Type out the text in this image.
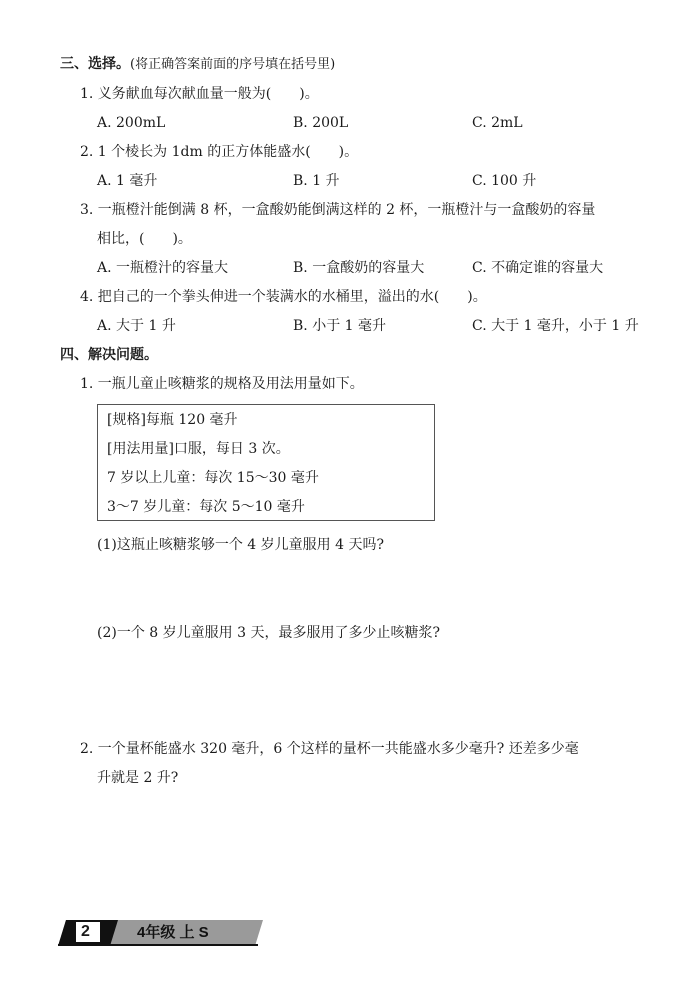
三、选择。(将正确答案前面的序号填在括号里)
1. 义务献血每次献血量一般为(　　)。
A. 200mL	B. 200L	C. 2mL
2. 1 个棱长为 1dm 的正方体能盛水(　　)。
A. 1 毫升	B. 1 升	C. 100 升
3. 一瓶橙汁能倒满 8 杯，一盒酸奶能倒满这样的 2 杯，一瓶橙汁与一盒酸奶的容量
相比，(　　)。
A. 一瓶橙汁的容量大	B. 一盒酸奶的容量大	C. 不确定谁的容量大
4. 把自己的一个拳头伸进一个装满水的水桶里，溢出的水(　　)。
A. 大于 1 升	B. 小于 1 毫升	C. 大于 1 毫升，小于 1 升
四、解决问题。
1. 一瓶儿童止咳糖浆的规格及用法用量如下。
[规格]每瓶 120 毫升
[用法用量]口服，每日 3 次。
7 岁以上儿童：每次 15～30 毫升
3～7 岁儿童：每次 5～10 毫升
(1)这瓶止咳糖浆够一个 4 岁儿童服用 4 天吗?
(2)一个 8 岁儿童服用 3 天，最多服用了多少止咳糖浆?
2. 一个量杯能盛水 320 毫升，6 个这样的量杯一共能盛水多少毫升? 还差多少毫
升就是 2 升?
2	4年级 上 S
